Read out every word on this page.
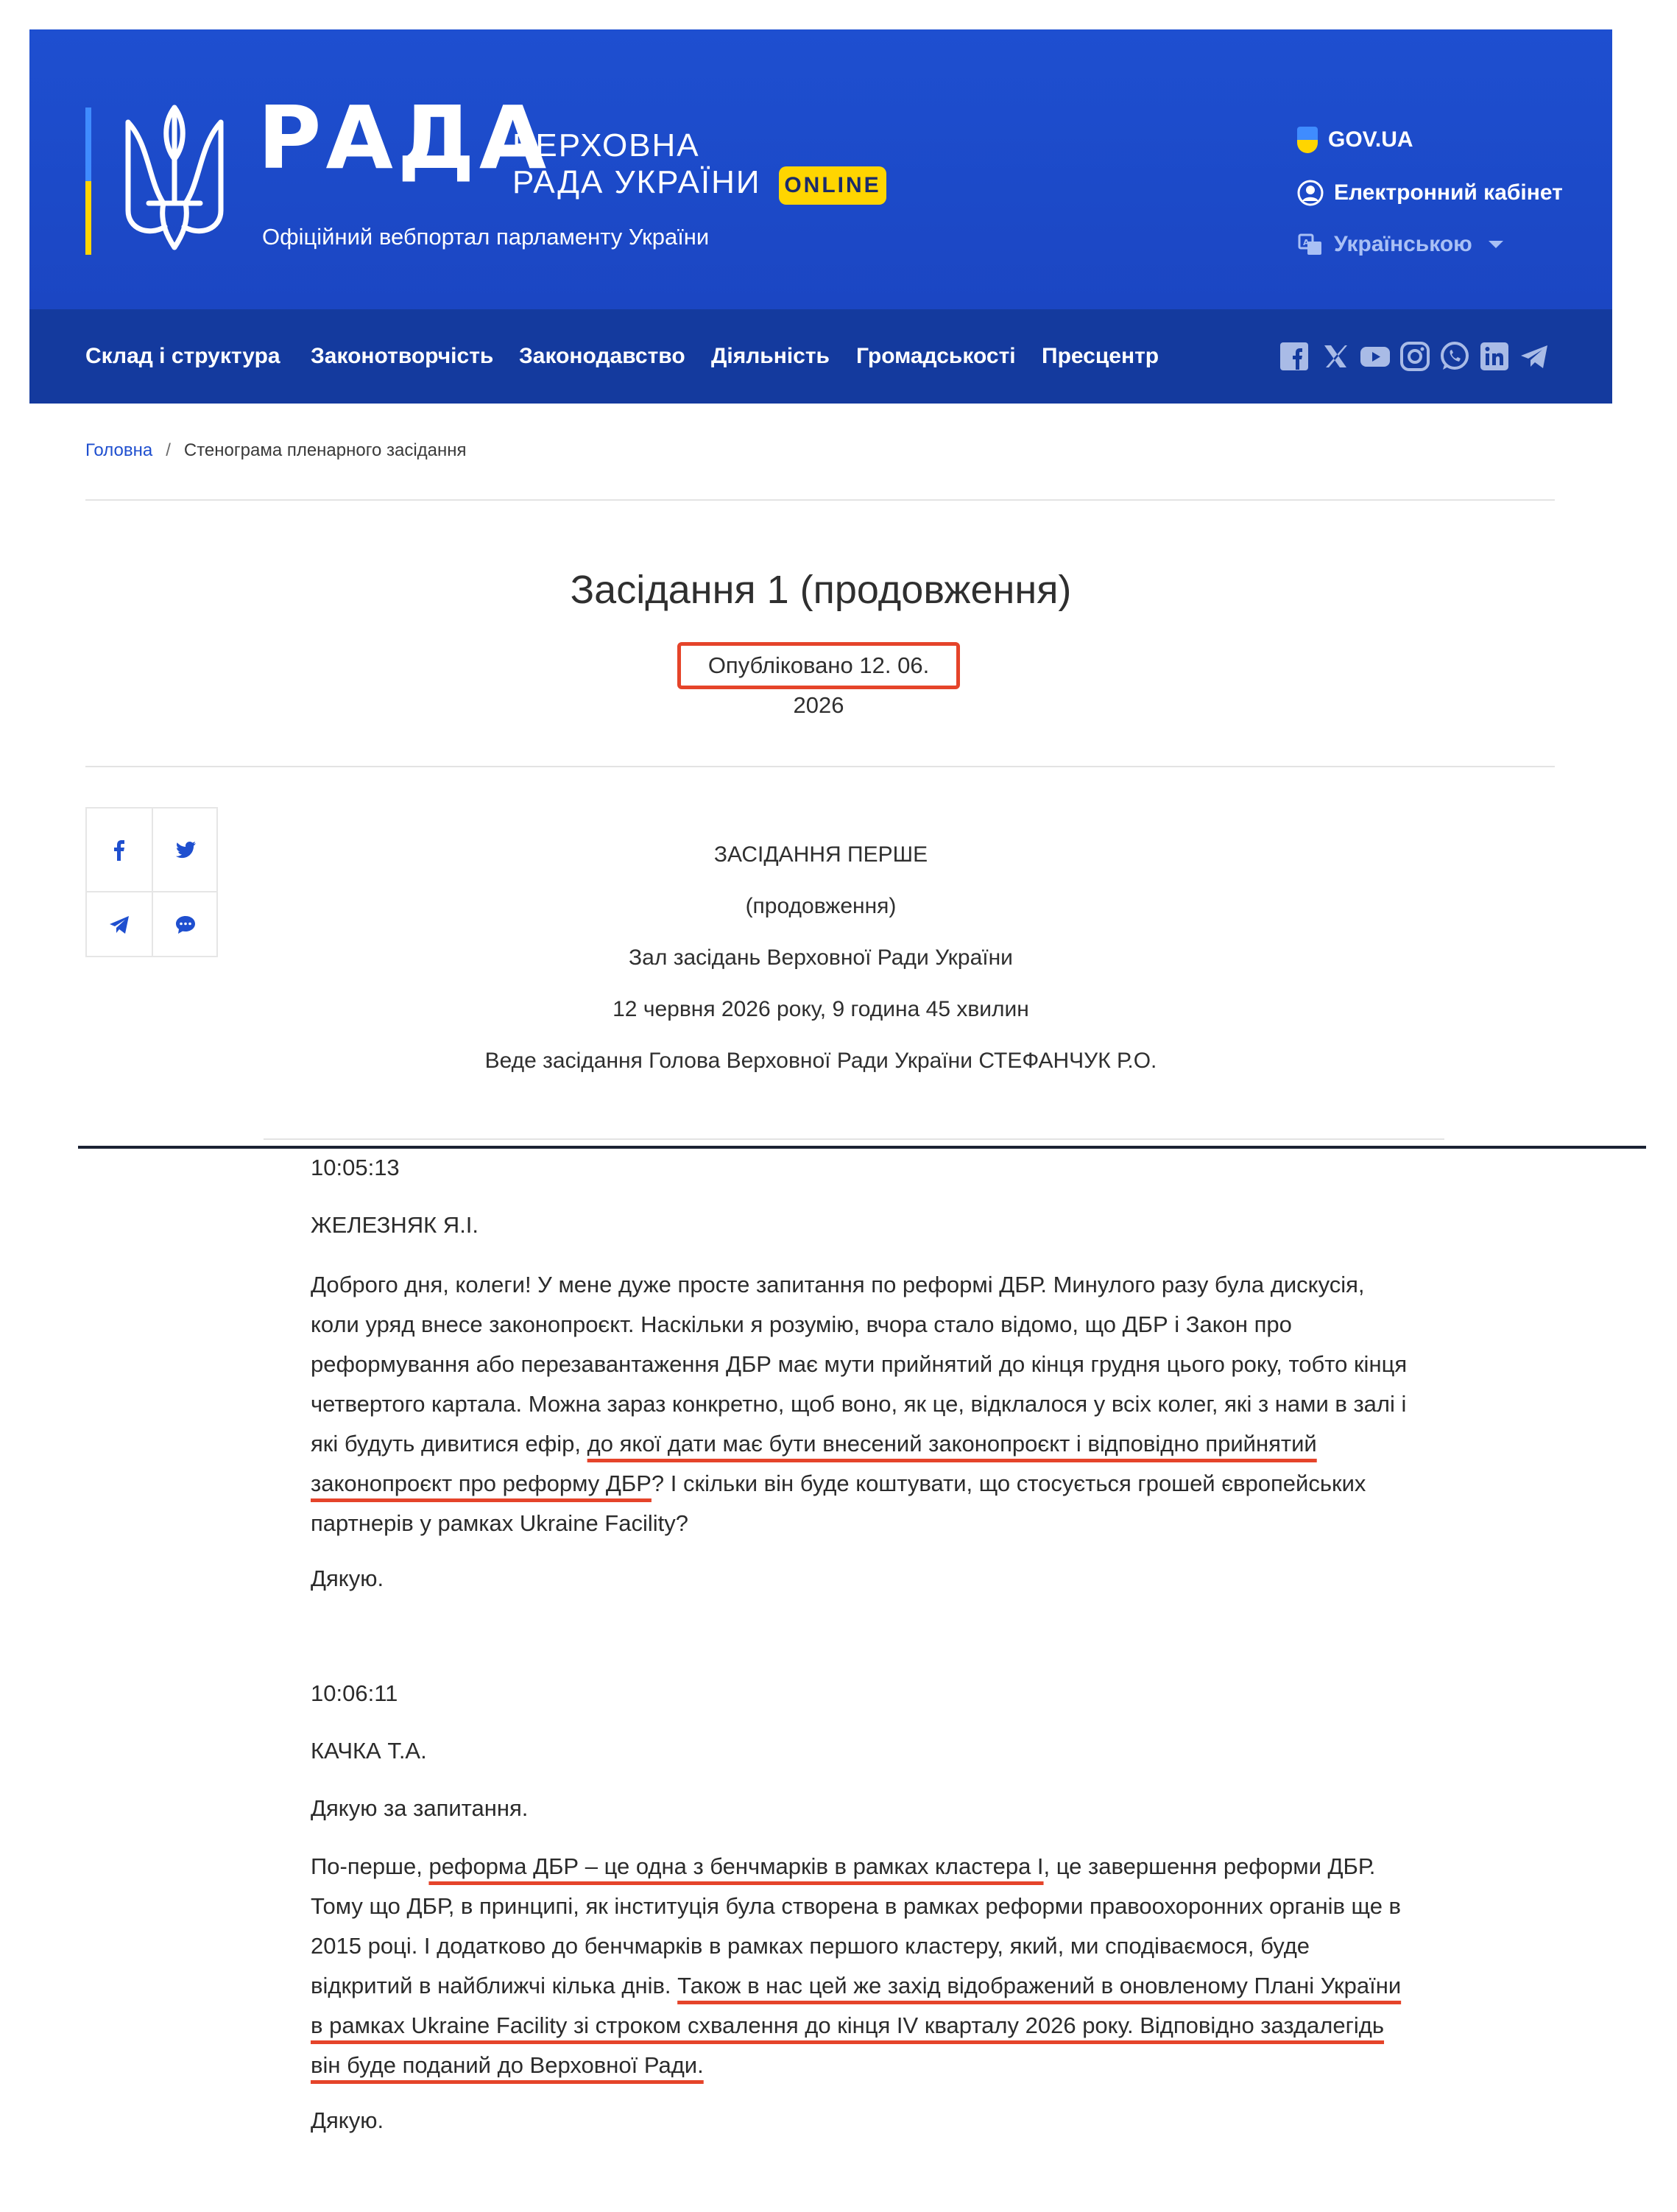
РАДА
ВЕРХОВНА
РАДА УКРАЇНИ ONLINE
Офіційний вебпортал парламенту України
GOV.UA
Електронний кабінет
A Українською
Склад і структура Законотворчість Законодавство Діяльність Громадськості Пресцентр
Головна / Стенограма пленарного засідання
Засідання 1 (продовження)
Опубліковано 12. 06. 2026
ЗАСІДАННЯ ПЕРШЕ
(продовження)
Зал засідань Верховної Ради України
12 червня 2026 року, 9 година 45 хвилин
Веде засідання Голова Верховної Ради України СТЕФАНЧУК Р.О.
10:05:13
ЖЕЛЕЗНЯК Я.І.
Доброго дня, колеги! У мене дуже просте запитання по реформі ДБР. Минулого разу була дискусія, коли уряд внесе законопроєкт. Наскільки я розумію, вчора стало відомо, що ДБР і Закон про реформування або перезавантаження ДБР має мути прийнятий до кінця грудня цього року, тобто кінця четвертого картала. Можна зараз конкретно, щоб воно, як це, відклалося у всіх колег, які з нами в залі і які будуть дивитися ефір, до якої дати має бути внесений законопроєкт і відповідно прийнятий законопроєкт про реформу ДБР? І скільки він буде коштувати, що стосується грошей європейських партнерів у рамках Ukraine Facility?
Дякую.
10:06:11
КАЧКА Т.А.
Дякую за запитання.
По-перше, реформа ДБР – це одна з бенчмарків в рамках кластера І, це завершення реформи ДБР. Тому що ДБР, в принципі, як інституція була створена в рамках реформи правоохоронних органів ще в 2015 році. І додатково до бенчмарків в рамках першого кластеру, який, ми сподіваємося, буде відкритий в найближчі кілька днів. Також в нас цей же захід відображений в оновленому Плані України в рамках Ukraine Facility зі строком схвалення до кінця IV кварталу 2026 року. Відповідно заздалегідь він буде поданий до Верховної Ради.
Дякую.
